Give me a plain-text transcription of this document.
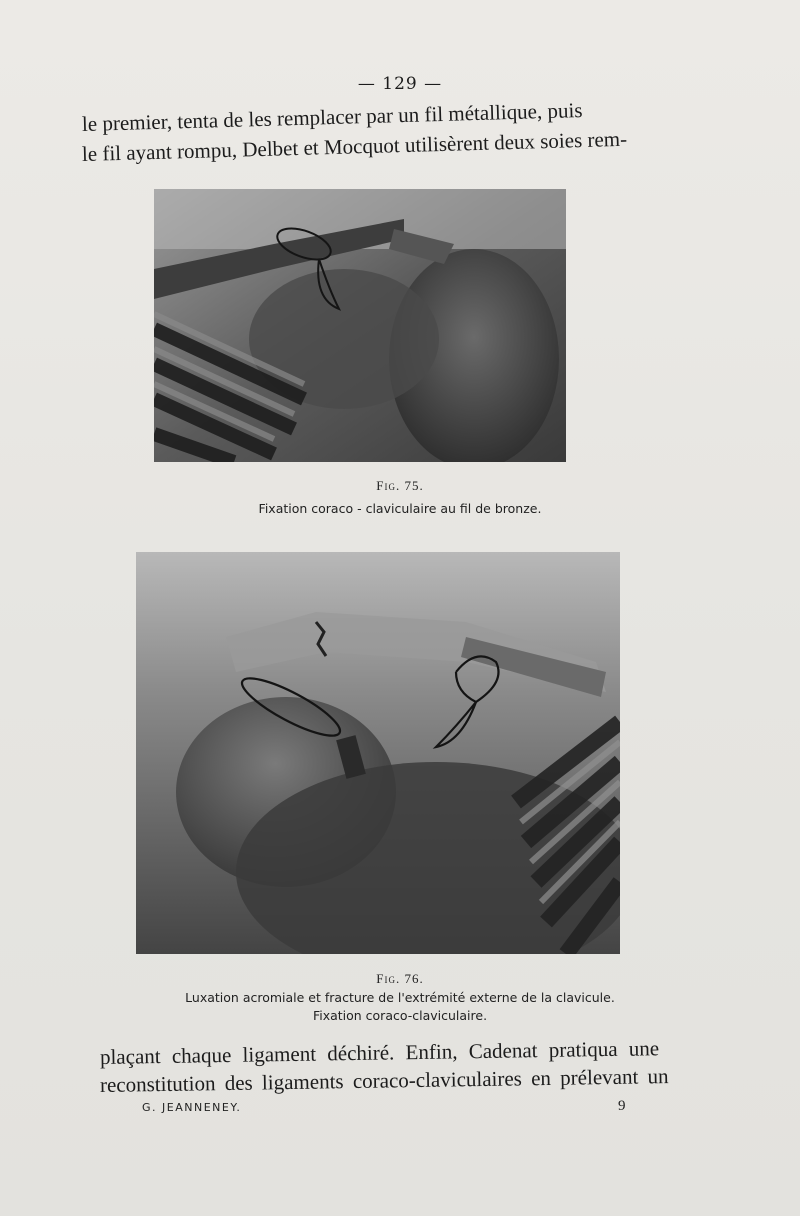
— 129 —
le premier, tenta de les remplacer par un fil métallique, puis
le fil ayant rompu, Delbet et Mocquot utilisèrent deux soies rem-
Fig. 75.
Fixation coraco - claviculaire au fil de bronze.
Fig. 76.
Luxation acromiale et fracture de l'extrémité externe de la clavicule.
Fixation coraco-claviculaire.
plaçant chaque ligament déchiré. Enfin, Cadenat pratiqua une
reconstitution des ligaments coraco-claviculaires en prélevant un
G. JEANNENEY.	9
